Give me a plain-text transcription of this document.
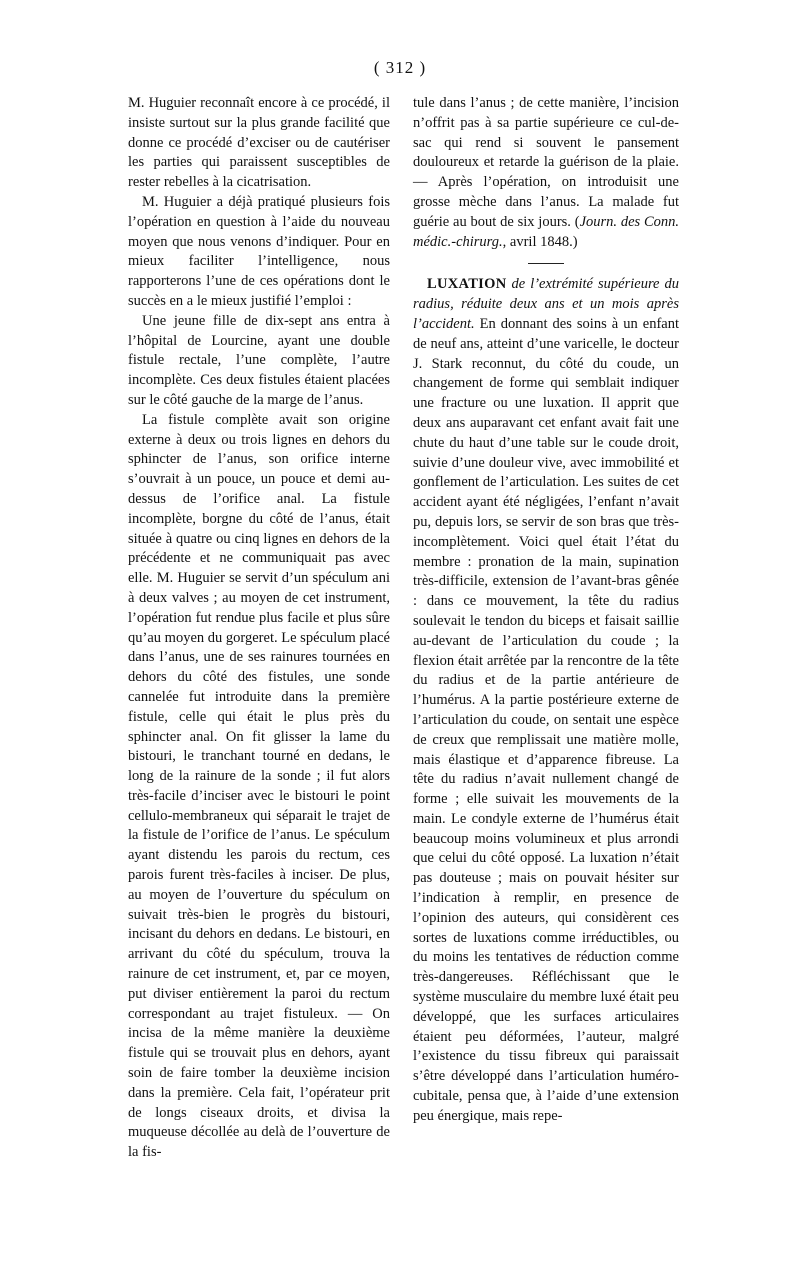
( 312 )

M. Huguier reconnaît encore à ce procédé, il insiste surtout sur la plus grande facilité que donne ce procédé d’exciser ou de cautériser les parties qui paraissent susceptibles de rester rebelles à la cicatrisation.

M. Huguier a déjà pratiqué plusieurs fois l’opération en question à l’aide du nouveau moyen que nous venons d’indiquer. Pour en mieux faciliter l’intelligence, nous rapporterons l’une de ces opérations dont le succès en a le mieux justifié l’emploi :

Une jeune fille de dix-sept ans entra à l’hôpital de Lourcine, ayant une double fistule rectale, l’une complète, l’autre incomplète. Ces deux fistules étaient placées sur le côté gauche de la marge de l’anus.

La fistule complète avait son origine externe à deux ou trois lignes en dehors du sphincter de l’anus, son orifice interne s’ouvrait à un pouce, un pouce et demi au-dessus de l’orifice anal. La fistule incomplète, borgne du côté de l’anus, était située à quatre ou cinq lignes en dehors de la précédente et ne communiquait pas avec elle. M. Huguier se servit d’un spéculum ani à deux valves ; au moyen de cet instrument, l’opération fut rendue plus facile et plus sûre qu’au moyen du gorgeret. Le spéculum placé dans l’anus, une de ses rainures tournées en dehors du côté des fistules, une sonde cannelée fut introduite dans la première fistule, celle qui était le plus près du sphincter anal. On fit glisser la lame du bistouri, le tranchant tourné en dedans, le long de la rainure de la sonde ; il fut alors très-facile d’inciser avec le bistouri le point cellulo-membraneux qui séparait le trajet de la fistule de l’orifice de l’anus. Le spéculum ayant distendu les parois du rectum, ces parois furent très-faciles à inciser. De plus, au moyen de l’ouverture du spéculum on suivait très-bien le progrès du bistouri, incisant du dehors en dedans. Le bistouri, en arrivant du côté du spéculum, trouva la rainure de cet instrument, et, par ce moyen, put diviser entièrement la paroi du rectum correspondant au trajet fistuleux. — On incisa de la même manière la deuxième fistule qui se trouvait plus en dehors, ayant soin de faire tomber la deuxième incision dans la première. Cela fait, l’opérateur prit de longs ciseaux droits, et divisa la muqueuse décollée au delà de l’ouverture de la fis-

tule dans l’anus ; de cette manière, l’incision n’offrit pas à sa partie supérieure ce cul-de-sac qui rend si souvent le pansement douloureux et retarde la guérison de la plaie. — Après l’opération, on introduisit une grosse mèche dans l’anus. La malade fut guérie au bout de six jours. (Journ. des Conn. médic.-chirurg., avril 1848.)

LUXATION de l’extrémité supérieure du radius, réduite deux ans et un mois après l’accident. En donnant des soins à un enfant de neuf ans, atteint d’une varicelle, le docteur J. Stark reconnut, du côté du coude, un changement de forme qui semblait indiquer une fracture ou une luxation. Il apprit que deux ans auparavant cet enfant avait fait une chute du haut d’une table sur le coude droit, suivie d’une douleur vive, avec immobilité et gonflement de l’articulation. Les suites de cet accident ayant été négligées, l’enfant n’avait pu, depuis lors, se servir de son bras que très-incomplètement. Voici quel était l’état du membre : pronation de la main, supination très-difficile, extension de l’avant-bras gênée : dans ce mouvement, la tête du radius soulevait le tendon du biceps et faisait saillie au-devant de l’articulation du coude ; la flexion était arrêtée par la rencontre de la tête du radius et de la partie antérieure de l’humérus. A la partie postérieure externe de l’articulation du coude, on sentait une espèce de creux que remplissait une matière molle, mais élastique et d’apparence fibreuse. La tête du radius n’avait nullement changé de forme ; elle suivait les mouvements de la main. Le condyle externe de l’humérus était beaucoup moins volumineux et plus arrondi que celui du côté opposé. La luxation n’était pas douteuse ; mais on pouvait hésiter sur l’indication à remplir, en presence de l’opinion des auteurs, qui considèrent ces sortes de luxations comme irréductibles, ou du moins les tentatives de réduction comme très-dangereuses. Réfléchissant que le système musculaire du membre luxé était peu développé, que les surfaces articulaires étaient peu déformées, l’auteur, malgré l’existence du tissu fibreux qui paraissait s’être développé dans l’articulation huméro-cubitale, pensa que, à l’aide d’une extension peu énergique, mais repe-
